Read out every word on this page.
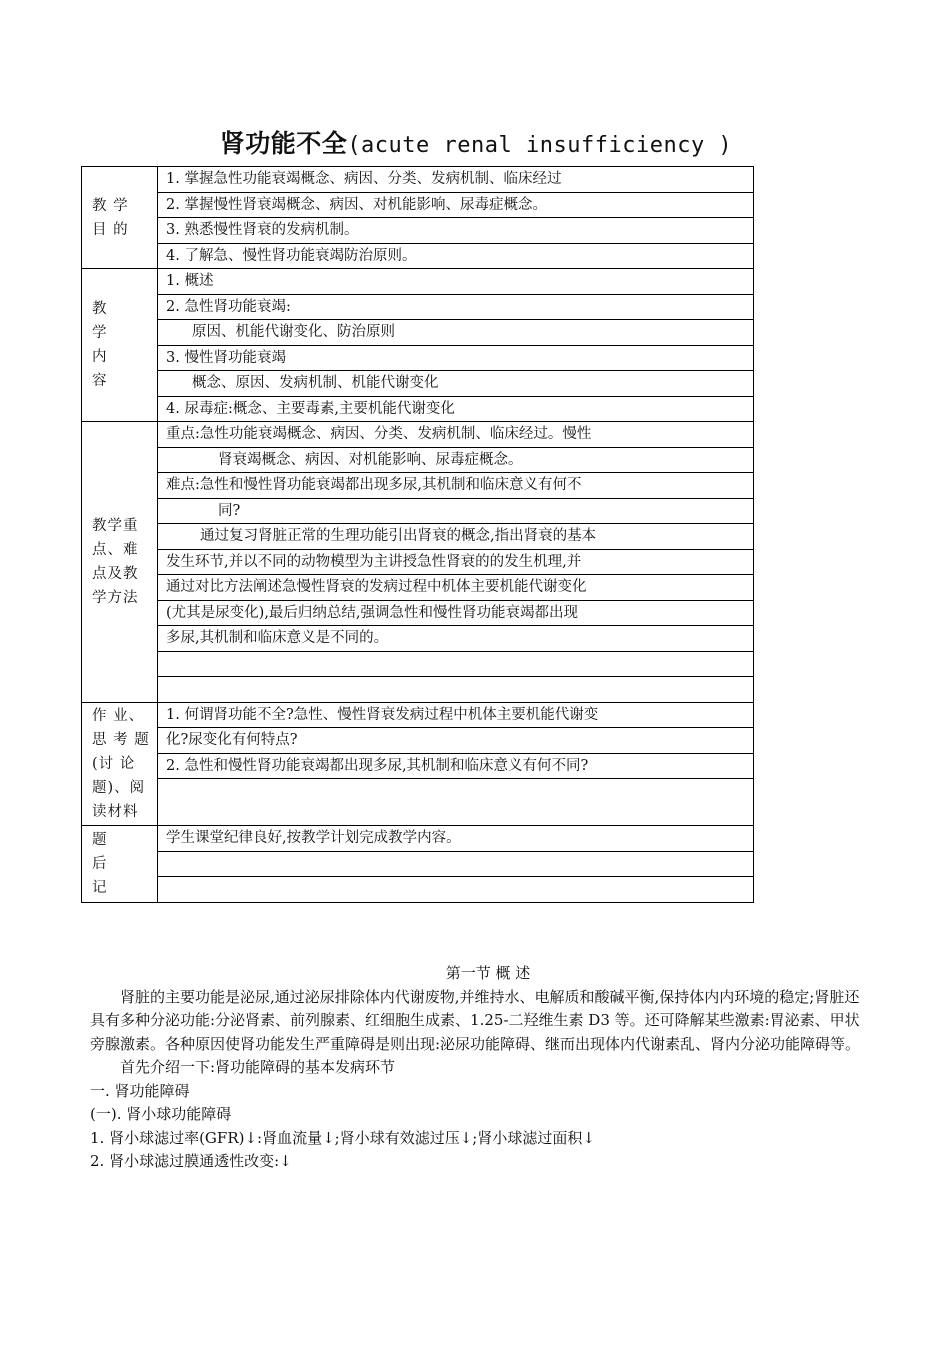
肾功能不全(acute renal insufficiency )
教 学
目 的	1. 掌握急性功能衰竭概念、病因、分类、发病机制、临床经过
	2. 掌握慢性肾衰竭概念、病因、对机能影响、尿毒症概念。
	3. 熟悉慢性肾衰的发病机制。
	4. 了解急、慢性肾功能衰竭防治原则。

教
学
内
容	1. 概述
	2. 急性肾功能衰竭:
	原因、机能代谢变化、防治原则
	3. 慢性肾功能衰竭
	概念、原因、发病机制、机能代谢变化
	4. 尿毒症:概念、主要毒素,主要机能代谢变化

教学重
点、难
点及教
学方法	重点:急性功能衰竭概念、病因、分类、发病机制、临床经过。慢性
	肾衰竭概念、病因、对机能影响、尿毒症概念。
	难点:急性和慢性肾功能衰竭都出现多尿,其机制和临床意义有何不
	同?
	通过复习肾脏正常的生理功能引出肾衰的概念,指出肾衰的基本
	发生环节,并以不同的动物模型为主讲授急性肾衰的的发生机理,并
	通过对比方法阐述急慢性肾衰的发病过程中机体主要机能代谢变化
	(尤其是尿变化),最后归纳总结,强调急性和慢性肾功能衰竭都出现
	多尿,其机制和临床意义是不同的。

作 业、
思 考 题
(讨 论
题)、阅
读材料	1. 何谓肾功能不全?急性、慢性肾衰发病过程中机体主要机能代谢变
	化?尿变化有何特点?
	2. 急性和慢性肾功能衰竭都出现多尿,其机制和临床意义有何不同?

题
后
记	学生课堂纪律良好,按教学计划完成教学内容。

第一节 概 述

肾脏的主要功能是泌尿,通过泌尿排除体内代谢废物,并维持水、电解质和酸碱平衡,保持体内内环境的稳定;肾脏还具有多种分泌功能:分泌肾素、前列腺素、红细胞生成素、1.25-二羟维生素 D3 等。还可降解某些激素:胃泌素、甲状旁腺激素。各种原因使肾功能发生严重障碍是则出现:泌尿功能障碍、继而出现体内代谢素乱、肾内分泌功能障碍等。

首先介绍一下:肾功能障碍的基本发病环节

一. 肾功能障碍

(一). 肾小球功能障碍

1. 肾小球滤过率(GFR)↓:肾血流量↓;肾小球有效滤过压↓;肾小球滤过面积↓

2. 肾小球滤过膜通透性改变:↓
